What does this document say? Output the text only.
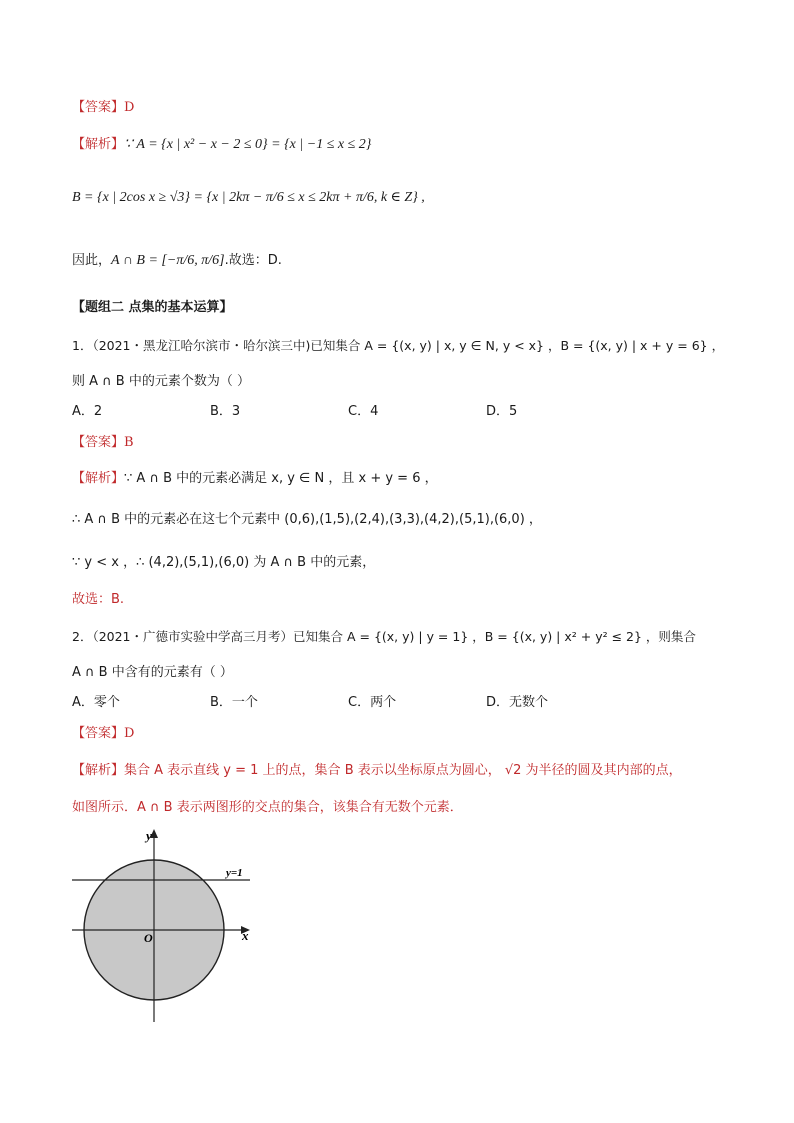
【答案】D
【解析】∵ A = {x | x² − x − 2 ≤ 0} = {x | −1 ≤ x ≤ 2}
B = {x | 2cos x ≥ √3} = {x | 2kπ − π/6 ≤ x ≤ 2kπ + π/6, k ∈ Z} ,
因此，A ∩ B = [−π/6, π/6].故选：D.
【题组二 点集的基本运算】
1．（2021・黑龙江哈尔滨市・哈尔滨三中)已知集合 A = {(x, y) | x, y ∈ N, y < x} ，B = {(x, y) | x + y = 6} ，
则 A ∩ B 中的元素个数为（ ）
A．2	B．3	C．4	D．5
【答案】B
【解析】∵ A ∩ B 中的元素必满足 x, y ∈ N ，且 x + y = 6 ，
∴ A ∩ B 中的元素必在这七个元素中 (0,6),(1,5),(2,4),(3,3),(4,2),(5,1),(6,0) ，
∵ y < x ，∴ (4,2),(5,1),(6,0) 为 A ∩ B 中的元素，
故选：B.
2．（2021・广德市实验中学高三月考）已知集合 A = {(x, y) | y = 1} ，B = {(x, y) | x² + y² ≤ 2} ，则集合
A ∩ B 中含有的元素有（ ）
A．零个	B．一个	C．两个	D．无数个
【答案】D
【解析】集合 A 表示直线 y = 1 上的点，集合 B 表示以坐标原点为圆心， √2 为半径的圆及其内部的点，
如图所示．A ∩ B 表示两图形的交点的集合，该集合有无数个元素．
y
x
O
y=1
